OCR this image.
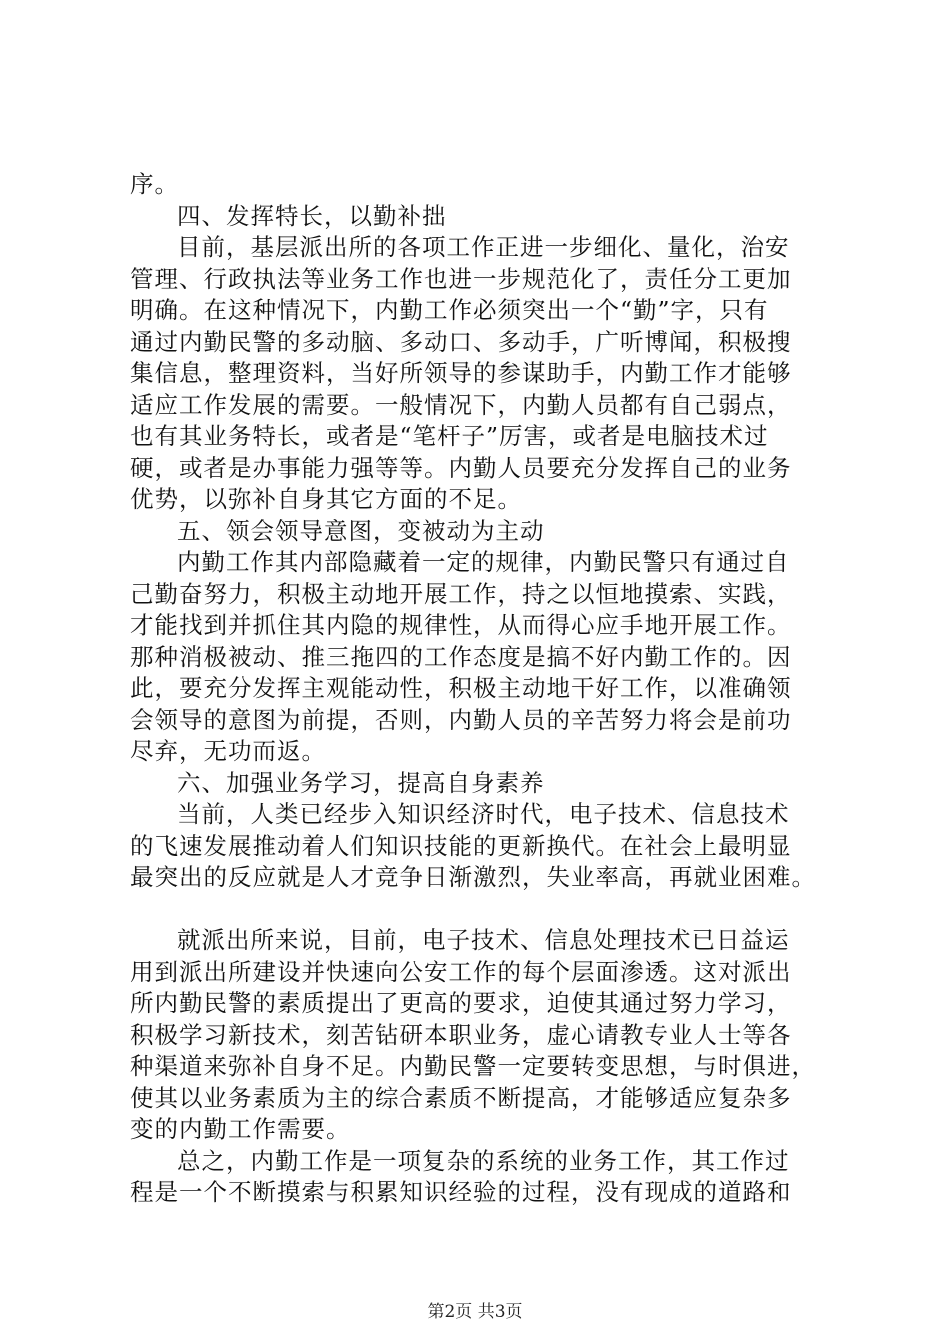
序。
四、发挥特长，以勤补拙
目前，基层派出所的各项工作正进一步细化、量化，治安
管理、行政执法等业务工作也进一步规范化了，责任分工更加
明确。在这种情况下，内勤工作必须突出一个“勤”字，只有
通过内勤民警的多动脑、多动口、多动手，广听博闻，积极搜
集信息，整理资料，当好所领导的参谋助手，内勤工作才能够
适应工作发展的需要。一般情况下，内勤人员都有自己弱点，
也有其业务特长，或者是“笔杆子”厉害，或者是电脑技术过
硬，或者是办事能力强等等。内勤人员要充分发挥自己的业务
优势，以弥补自身其它方面的不足。
五、领会领导意图，变被动为主动
内勤工作其内部隐藏着一定的规律，内勤民警只有通过自
己勤奋努力，积极主动地开展工作，持之以恒地摸索、实践，
才能找到并抓住其内隐的规律性，从而得心应手地开展工作。
那种消极被动、推三拖四的工作态度是搞不好内勤工作的。因
此，要充分发挥主观能动性，积极主动地干好工作，以准确领
会领导的意图为前提，否则，内勤人员的辛苦努力将会是前功
尽弃，无功而返。
六、加强业务学习，提高自身素养
当前，人类已经步入知识经济时代，电子技术、信息技术
的飞速发展推动着人们知识技能的更新换代。在社会上最明显
最突出的反应就是人才竞争日渐激烈，失业率高，再就业困难。
就派出所来说，目前，电子技术、信息处理技术已日益运
用到派出所建设并快速向公安工作的每个层面渗透。这对派出
所内勤民警的素质提出了更高的要求，迫使其通过努力学习，
积极学习新技术，刻苦钻研本职业务，虚心请教专业人士等各
种渠道来弥补自身不足。内勤民警一定要转变思想，与时俱进，
使其以业务素质为主的综合素质不断提高，才能够适应复杂多
变的内勤工作需要。
总之，内勤工作是一项复杂的系统的业务工作，其工作过
程是一个不断摸索与积累知识经验的过程，没有现成的道路和
第2页 共3页
